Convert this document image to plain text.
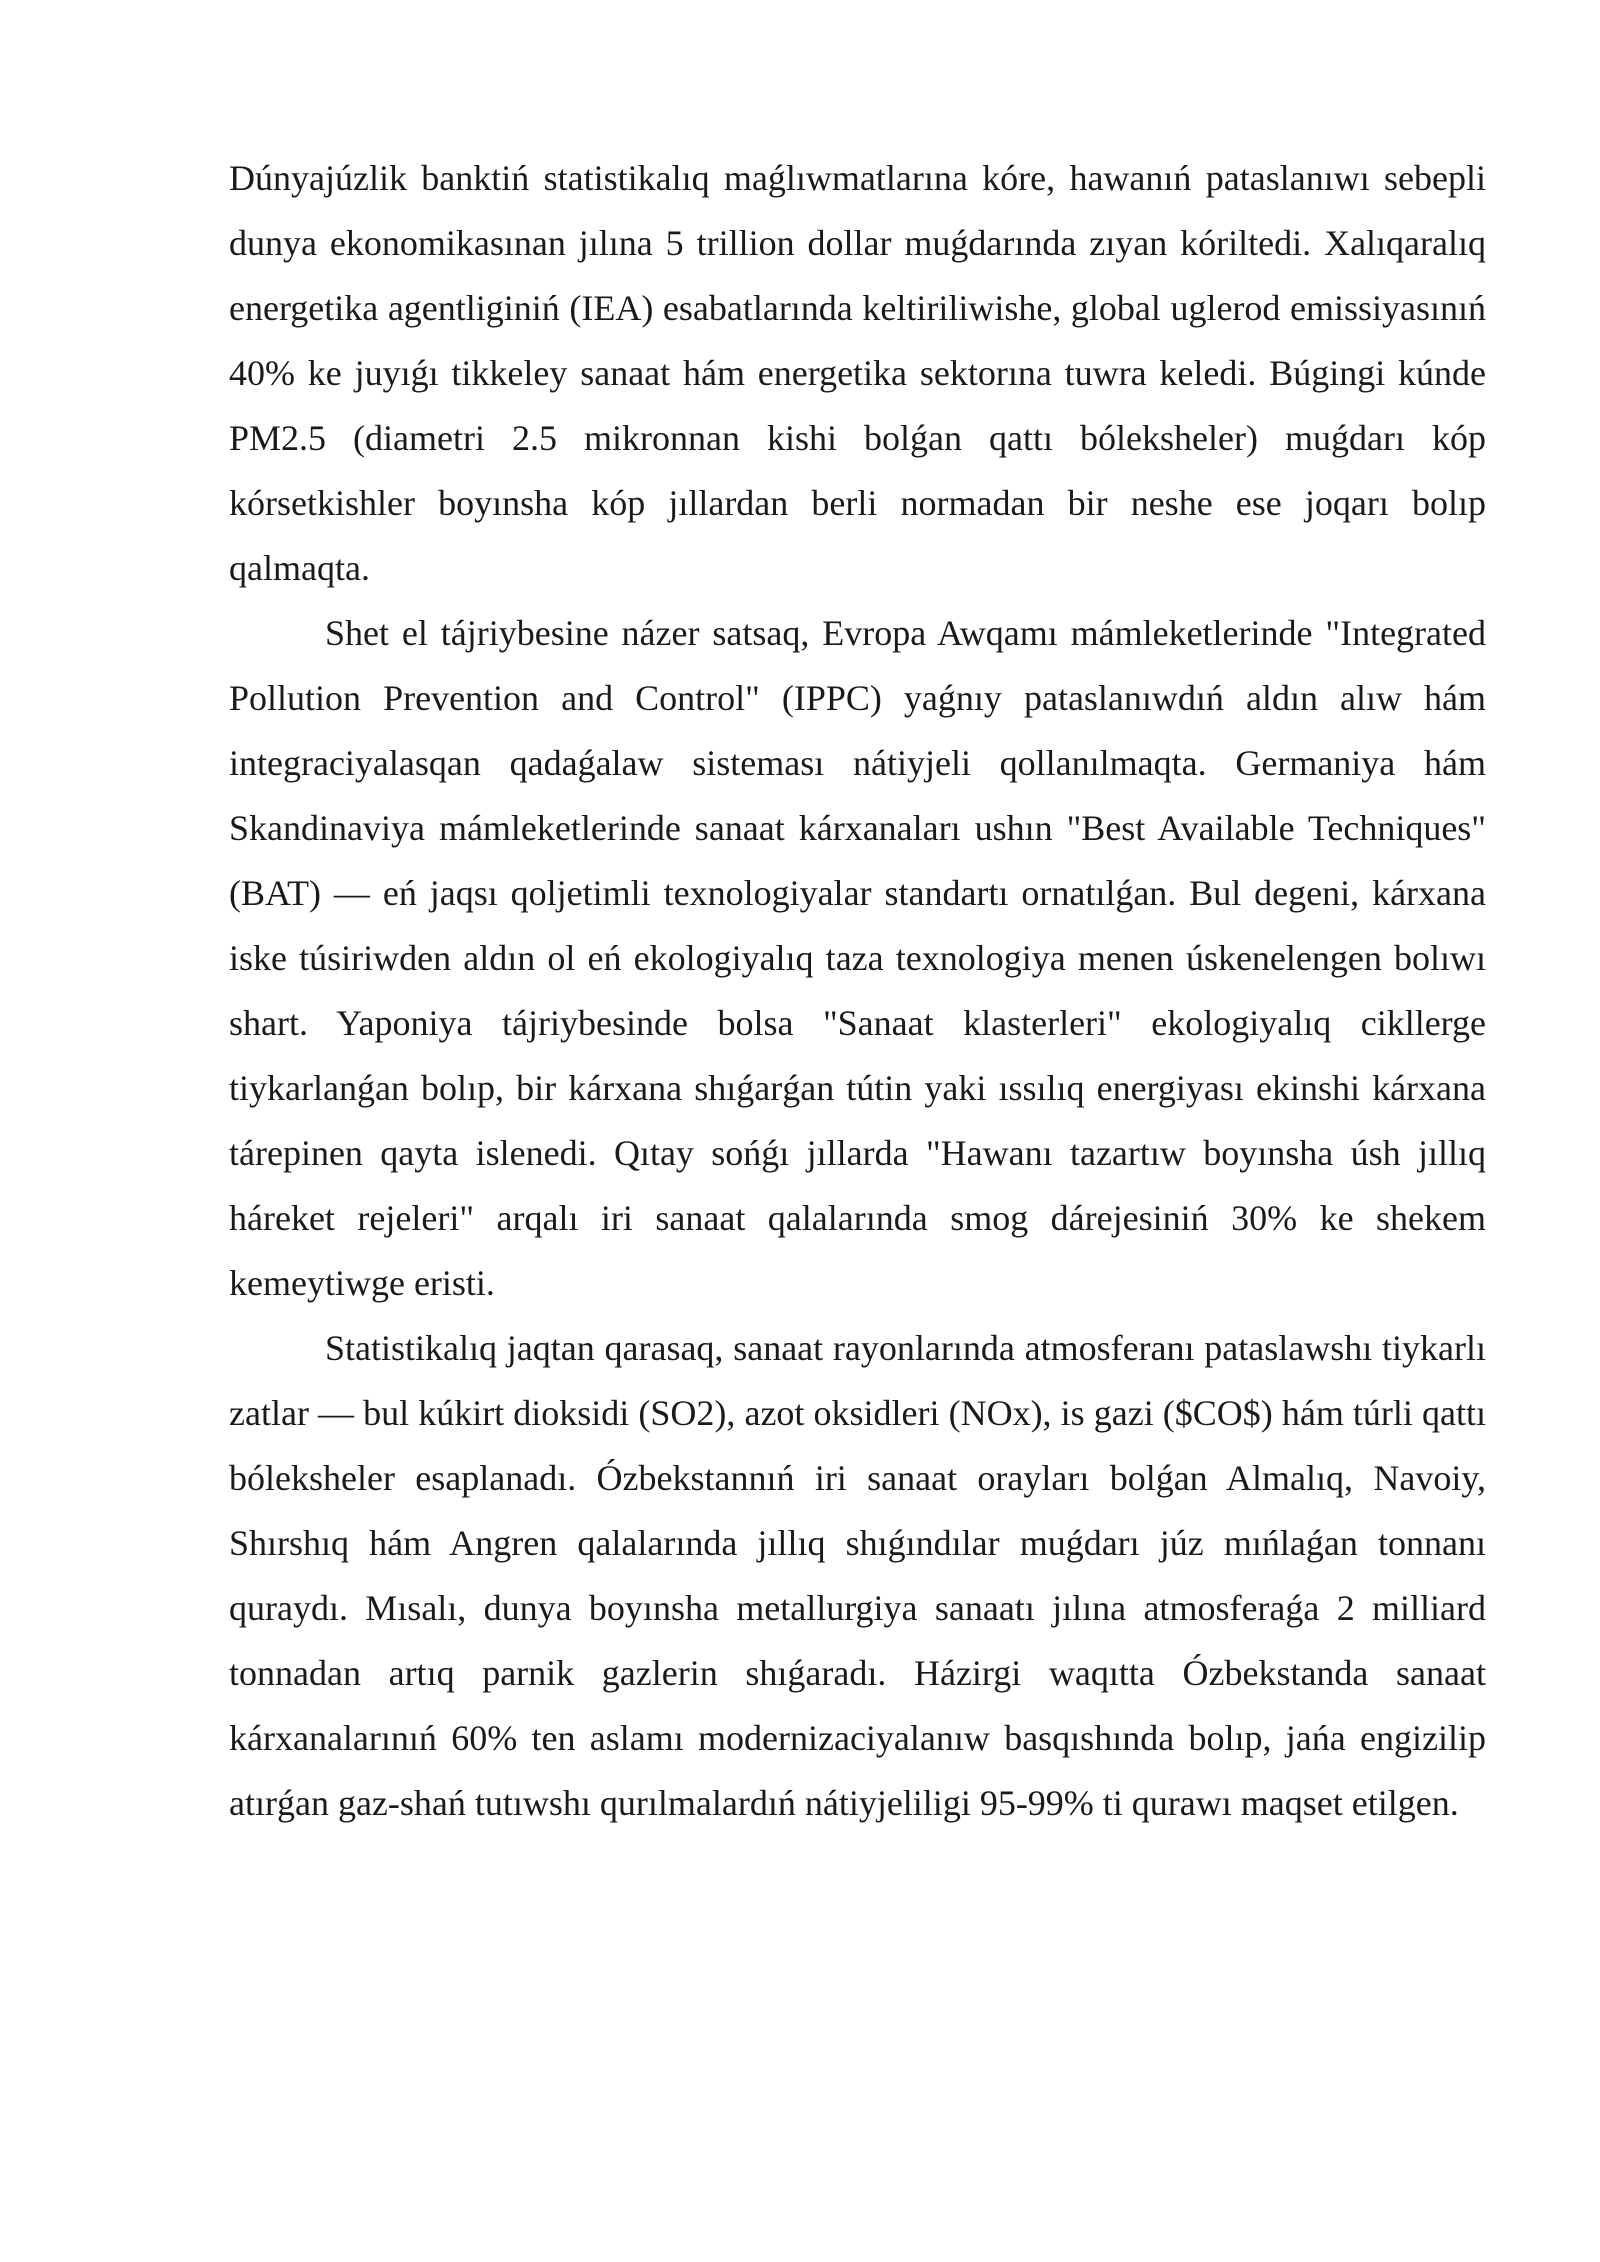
Dúnyajúzlik banktiń statistikalıq maǵlıwmatlarına kóre, hawanıń pataslanıwı sebepli dunya ekonomikasınan jılına 5 trillion dollar muǵdarında zıyan kóriltedi. Xalıqaralıq energetika agentliginiń (IEA) esabatlarında keltiriliwishe, global uglerod emissiyasınıń 40% ke juyıǵı tikkeley sanaat hám energetika sektorına tuwra keledi. Búgingi kúnde PM2.5 (diametri 2.5 mikronnan kishi bolǵan qattı bólеksheler) muǵdarı kóp kórsetkishler boyınsha kóp jıllardan berli normadan bir neshe ese joqarı bolıp qalmaqta.

Shet el tájriybesine názer satsaq, Evropa Awqamı mámleketlerinde "Integrated Pollution Prevention and Control" (IPPC) yaǵnıy pataslanıwdıń aldın alıw hám integraciyalasqan qadaǵalaw sisteması nátiyjeli qollanılmaqta. Germaniya hám Skandinaviya mámleketlerinde sanaat kárxanaları ushın "Best Available Techniques" (BAT) — eń jaqsı qoljetimli texnologiyalar standartı ornatılǵan. Bul degeni, kárxana iske túsiriwden aldın ol eń ekologiyalıq taza texnologiya menen úskenelengen bolıwı shart. Yaponiya tájriybesinde bolsa "Sanaat klasterleri" ekologiyalıq cikllerge tiykarlanǵan bolıp, bir kárxana shıǵarǵan tútin yaki ıssılıq energiyası ekinshi kárxana tárepinen qayta islenedi. Qıtay sońǵı jıllarda "Hawanı tazartıw boyınsha úsh jıllıq háreket rejeleri" arqalı iri sanaat qalalarında smog dárejesiniń 30% ke shekem kemeytiwge eristi.

Statistikalıq jaqtan qarasaq, sanaat rayonlarında atmosferanı pataslawshı tiykarlı zatlar — bul kúkirt dioksidi (SO2), azot oksidleri (NOx), is gazi ($CO$) hám túrli qattı bólеksheler esaplanadı. Ózbekstannıń iri sanaat orayları bolǵan Almalıq, Navoiy, Shırshıq hám Angren qalalarında jıllıq shıǵındılar muǵdarı júz mıńlaǵan tonnanı quraydı. Mısalı, dunya boyınsha metallurgiya sanaatı jılına atmosferaǵa 2 milliard tonnadan artıq parnik gazlerin shıǵaradı. Házirgi waqıtta Ózbekstanda sanaat kárxanalarınıń 60% ten aslamı modernizaciyalanıw basqıshında bolıp, jańa engizilip atırǵan gaz-shań tutıwshı qurılmalardıń nátiyjeliligi 95-99% ti qurawı maqset etilgen.
